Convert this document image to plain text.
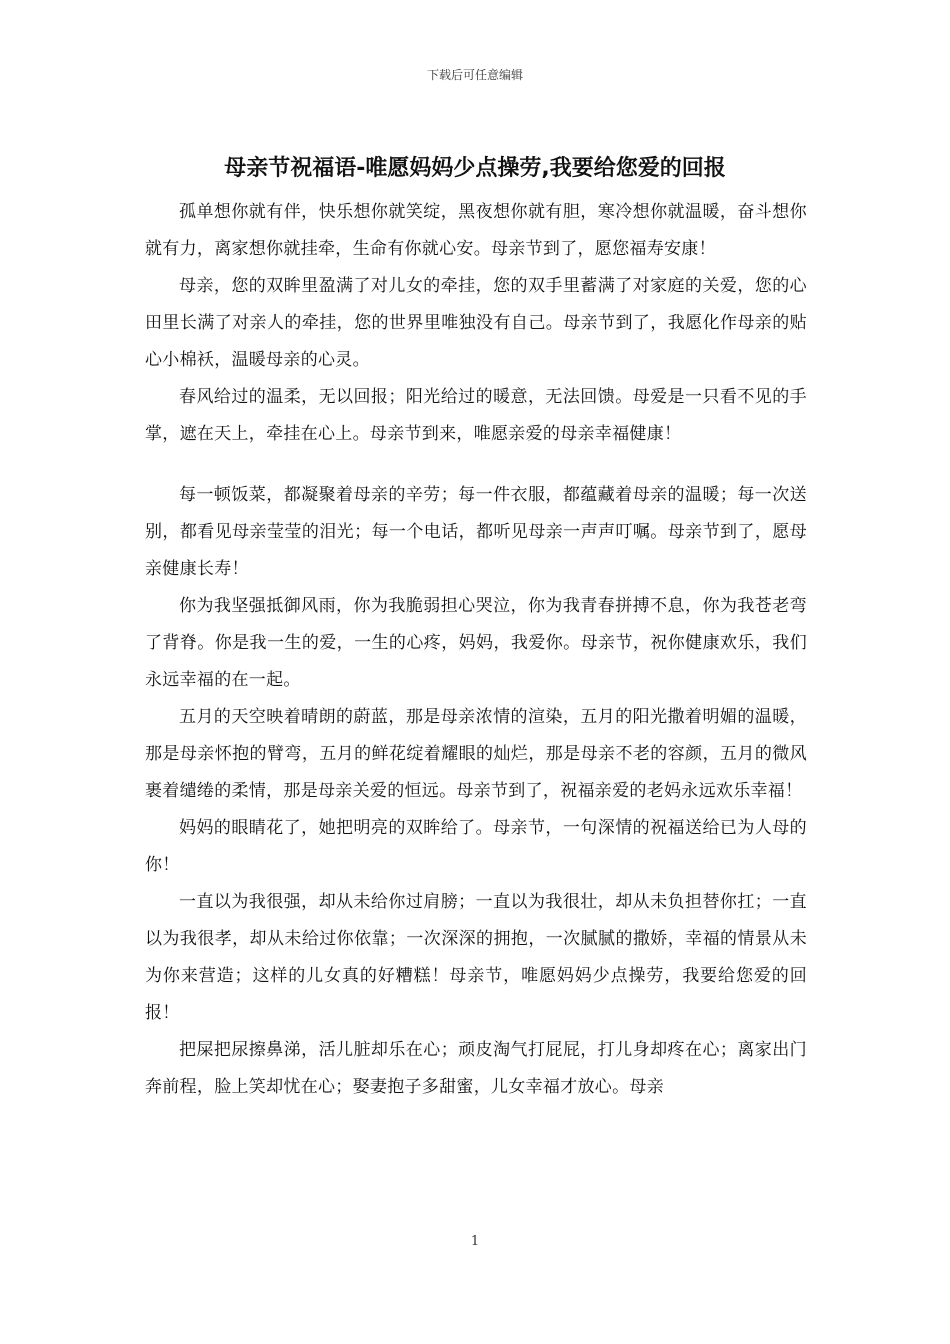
下载后可任意编辑
母亲节祝福语-唯愿妈妈少点操劳,我要给您爱的回报

孤单想你就有伴，快乐想你就笑绽，黑夜想你就有胆，寒冷想你就温暖，奋斗想你就有力，离家想你就挂牵，生命有你就心安。母亲节到了，愿您福寿安康！

母亲，您的双眸里盈满了对儿女的牵挂，您的双手里蓄满了对家庭的关爱，您的心田里长满了对亲人的牵挂，您的世界里唯独没有自己。母亲节到了，我愿化作母亲的贴心小棉袄，温暖母亲的心灵。

春风给过的温柔，无以回报；阳光给过的暖意，无法回馈。母爱是一只看不见的手掌，遮在天上，牵挂在心上。母亲节到来，唯愿亲爱的母亲幸福健康！

每一顿饭菜，都凝聚着母亲的辛劳；每一件衣服，都蕴藏着母亲的温暖；每一次送别，都看见母亲莹莹的泪光；每一个电话，都听见母亲一声声叮嘱。母亲节到了，愿母亲健康长寿！

你为我坚强抵御风雨，你为我脆弱担心哭泣，你为我青春拼搏不息，你为我苍老弯了背脊。你是我一生的爱，一生的心疼，妈妈，我爱你。母亲节，祝你健康欢乐，我们永远幸福的在一起。

五月的天空映着晴朗的蔚蓝，那是母亲浓情的渲染，五月的阳光撒着明媚的温暖，那是母亲怀抱的臂弯，五月的鲜花绽着耀眼的灿烂，那是母亲不老的容颜，五月的微风裹着缱绻的柔情，那是母亲关爱的恒远。母亲节到了，祝福亲爱的老妈永远欢乐幸福！

妈妈的眼睛花了，她把明亮的双眸给了。母亲节，一句深情的祝福送给已为人母的你！

一直以为我很强，却从未给你过肩膀；一直以为我很壮，却从未负担替你扛；一直以为我很孝，却从未给过你依靠；一次深深的拥抱，一次腻腻的撒娇，幸福的情景从未为你来营造；这样的儿女真的好糟糕！母亲节，唯愿妈妈少点操劳，我要给您爱的回报！

把屎把尿擦鼻涕，活儿脏却乐在心；顽皮淘气打屁屁，打儿身却疼在心；离家出门奔前程，脸上笑却忧在心；娶妻抱子多甜蜜，儿女幸福才放心。母亲

1
